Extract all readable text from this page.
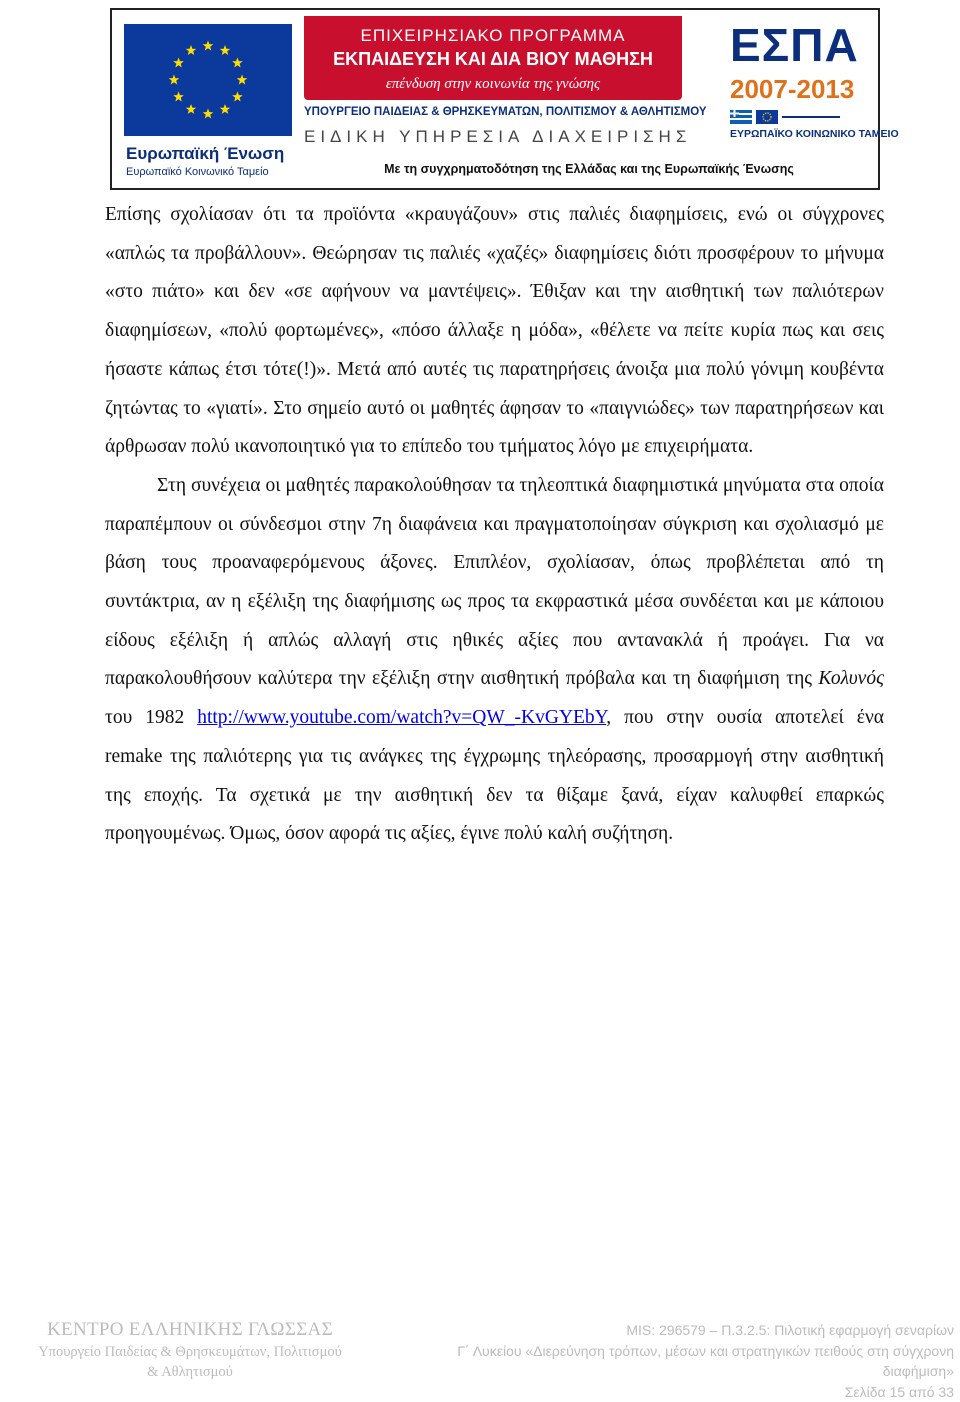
Ευρωπαϊκή Ένωση
Ευρωπαϊκό Κοινωνικό Ταμείο
ΕΠΙΧΕΙΡΗΣΙΑΚΟ ΠΡΟΓΡΑΜΜΑ
ΕΚΠΑΙΔΕΥΣΗ ΚΑΙ ΔΙΑ ΒΙΟΥ ΜΑΘΗΣΗ
επένδυση στην κοινωνία της γνώσης
ΥΠΟΥΡΓΕΙΟ ΠΑΙΔΕΙΑΣ & ΘΡΗΣΚΕΥΜΑΤΩΝ, ΠΟΛΙΤΙΣΜΟΥ & ΑΘΛΗΤΙΣΜΟΥ
ΕΙΔΙΚΗ ΥΠΗΡΕΣΙΑ ΔΙΑΧΕΙΡΙΣΗΣ
ΕΣΠΑ
2007-2013
ΕΥΡΩΠΑΪΚΟ ΚΟΙΝΩΝΙΚΟ ΤΑΜΕΙΟ
Με τη συγχρηματοδότηση της Ελλάδας και της Ευρωπαϊκής Ένωσης

Επίσης σχολίασαν ότι τα προϊόντα «κραυγάζουν» στις παλιές διαφημίσεις, ενώ οι σύγχρονες «απλώς τα προβάλλουν». Θεώρησαν τις παλιές «χαζές» διαφημίσεις διότι προσφέρουν το μήνυμα «στο πιάτο» και δεν «σε αφήνουν να μαντέψεις». Έθιξαν και την αισθητική των παλιότερων διαφημίσεων, «πολύ φορτωμένες», «πόσο άλλαξε η μόδα», «θέλετε να πείτε κυρία πως και σεις ήσαστε κάπως έτσι τότε(!)». Μετά από αυτές τις παρατηρήσεις άνοιξα μια πολύ γόνιμη κουβέντα ζητώντας το «γιατί». Στο σημείο αυτό οι μαθητές άφησαν το «παιγνιώδες» των παρατηρήσεων και άρθρωσαν πολύ ικανοποιητικό για το επίπεδο του τμήματος λόγο με επιχειρήματα.

Στη συνέχεια οι μαθητές παρακολούθησαν τα τηλεοπτικά διαφημιστικά μηνύματα στα οποία παραπέμπουν οι σύνδεσμοι στην 7η διαφάνεια και πραγματοποίησαν σύγκριση και σχολιασμό με βάση τους προαναφερόμενους άξονες. Επιπλέον, σχολίασαν, όπως προβλέπεται από τη συντάκτρια, αν η εξέλιξη της διαφήμισης ως προς τα εκφραστικά μέσα συνδέεται και με κάποιου είδους εξέλιξη ή απλώς αλλαγή στις ηθικές αξίες που αντανακλά ή προάγει. Για να παρακολουθήσουν καλύτερα την εξέλιξη στην αισθητική πρόβαλα και τη διαφήμιση της Κολυνός του 1982 http://www.youtube.com/watch?v=QW_-KvGYEbY, που στην ουσία αποτελεί ένα remake της παλιότερης για τις ανάγκες της έγχρωμης τηλεόρασης, προσαρμογή στην αισθητική της εποχής. Τα σχετικά με την αισθητική δεν τα θίξαμε ξανά, είχαν καλυφθεί επαρκώς προηγουμένως. Όμως, όσον αφορά τις αξίες, έγινε πολύ καλή συζήτηση.

ΚΕΝΤΡΟ ΕΛΛΗΝΙΚΗΣ ΓΛΩΣΣΑΣ
Υπουργείο Παιδείας & Θρησκευμάτων, Πολιτισμού
& Αθλητισμού
MIS: 296579 – Π.3.2.5: Πιλοτική εφαρμογή σεναρίων
Γ΄ Λυκείου «Διερεύνηση τρόπων, μέσων και στρατηγικών πειθούς στη σύγχρονη
διαφήμιση»
Σελίδα 15 από 33
